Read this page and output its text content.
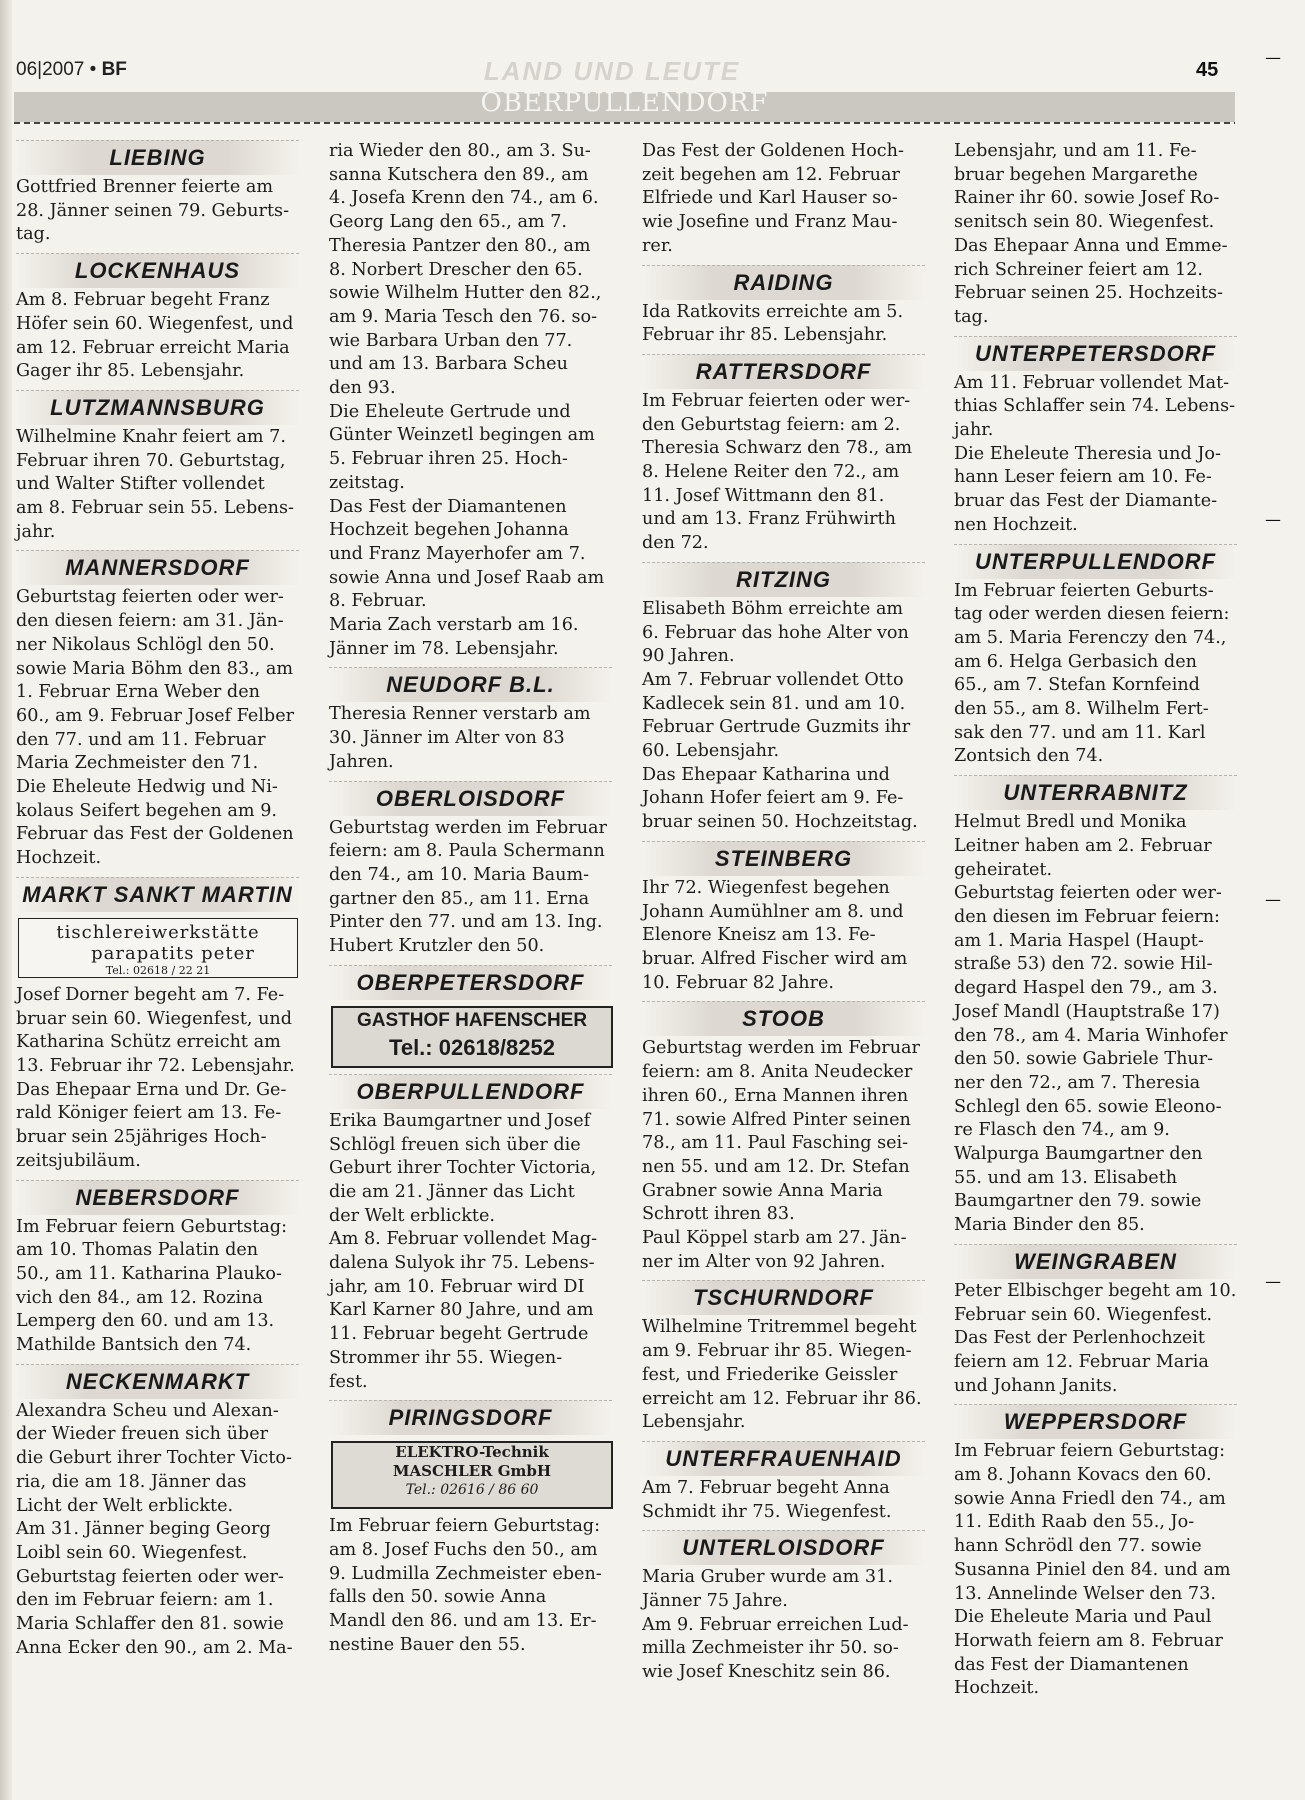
06|2007 • BF	LAND UND LEUTE	45
OBERPULLENDORF
LIEBING
Gottfried Brenner feierte am
28. Jänner seinen 79. Geburts-
tag.
LOCKENHAUS
Am 8. Februar begeht Franz
Höfer sein 60. Wiegenfest, und
am 12. Februar erreicht Maria
Gager ihr 85. Lebensjahr.
LUTZMANNSBURG
Wilhelmine Knahr feiert am 7.
Februar ihren 70. Geburtstag,
und Walter Stifter vollendet
am 8. Februar sein 55. Lebens-
jahr.
MANNERSDORF
Geburtstag feierten oder wer-
den diesen feiern: am 31. Jän-
ner Nikolaus Schlögl den 50.
sowie Maria Böhm den 83., am
1. Februar Erna Weber den
60., am 9. Februar Josef Felber
den 77. und am 11. Februar
Maria Zechmeister den 71.
Die Eheleute Hedwig und Ni-
kolaus Seifert begehen am 9.
Februar das Fest der Goldenen
Hochzeit.
MARKT SANKT MARTIN
tischlereiwerkstätte
parapatits peter
Tel.: 02618 / 22 21
Josef Dorner begeht am 7. Fe-
bruar sein 60. Wiegenfest, und
Katharina Schütz erreicht am
13. Februar ihr 72. Lebensjahr.
Das Ehepaar Erna und Dr. Ge-
rald Königer feiert am 13. Fe-
bruar sein 25jähriges Hoch-
zeitsjubiläum.
NEBERSDORF
Im Februar feiern Geburtstag:
am 10. Thomas Palatin den
50., am 11. Katharina Plauko-
vich den 84., am 12. Rozina
Lemperg den 60. und am 13.
Mathilde Bantsich den 74.
NECKENMARKT
Alexandra Scheu und Alexan-
der Wieder freuen sich über
die Geburt ihrer Tochter Victo-
ria, die am 18. Jänner das
Licht der Welt erblickte.
Am 31. Jänner beging Georg
Loibl sein 60. Wiegenfest.
Geburtstag feierten oder wer-
den im Februar feiern: am 1.
Maria Schlaffer den 81. sowie
Anna Ecker den 90., am 2. Ma-
ria Wieder den 80., am 3. Su-
sanna Kutschera den 89., am
4. Josefa Krenn den 74., am 6.
Georg Lang den 65., am 7.
Theresia Pantzer den 80., am
8. Norbert Drescher den 65.
sowie Wilhelm Hutter den 82.,
am 9. Maria Tesch den 76. so-
wie Barbara Urban den 77.
und am 13. Barbara Scheu
den 93.
Die Eheleute Gertrude und
Günter Weinzetl begingen am
5. Februar ihren 25. Hoch-
zeitstag.
Das Fest der Diamantenen
Hochzeit begehen Johanna
und Franz Mayerhofer am 7.
sowie Anna und Josef Raab am
8. Februar.
Maria Zach verstarb am 16.
Jänner im 78. Lebensjahr.
NEUDORF B.L.
Theresia Renner verstarb am
30. Jänner im Alter von 83
Jahren.
OBERLOISDORF
Geburtstag werden im Februar
feiern: am 8. Paula Schermann
den 74., am 10. Maria Baum-
gartner den 85., am 11. Erna
Pinter den 77. und am 13. Ing.
Hubert Krutzler den 50.
OBERPETERSDORF
GASTHOF HAFENSCHER
Tel.: 02618/8252
OBERPULLENDORF
Erika Baumgartner und Josef
Schlögl freuen sich über die
Geburt ihrer Tochter Victoria,
die am 21. Jänner das Licht
der Welt erblickte.
Am 8. Februar vollendet Mag-
dalena Sulyok ihr 75. Lebens-
jahr, am 10. Februar wird DI
Karl Karner 80 Jahre, und am
11. Februar begeht Gertrude
Strommer ihr 55. Wiegen-
fest.
PIRINGSDORF
ELEKTRO-Technik
MASCHLER GmbH
Tel.: 02616 / 86 60
Im Februar feiern Geburtstag:
am 8. Josef Fuchs den 50., am
9. Ludmilla Zechmeister eben-
falls den 50. sowie Anna
Mandl den 86. und am 13. Er-
nestine Bauer den 55.
Das Fest der Goldenen Hoch-
zeit begehen am 12. Februar
Elfriede und Karl Hauser so-
wie Josefine und Franz Mau-
rer.
RAIDING
Ida Ratkovits erreichte am 5.
Februar ihr 85. Lebensjahr.
RATTERSDORF
Im Februar feierten oder wer-
den Geburtstag feiern: am 2.
Theresia Schwarz den 78., am
8. Helene Reiter den 72., am
11. Josef Wittmann den 81.
und am 13. Franz Frühwirth
den 72.
RITZING
Elisabeth Böhm erreichte am
6. Februar das hohe Alter von
90 Jahren.
Am 7. Februar vollendet Otto
Kadlecek sein 81. und am 10.
Februar Gertrude Guzmits ihr
60. Lebensjahr.
Das Ehepaar Katharina und
Johann Hofer feiert am 9. Fe-
bruar seinen 50. Hochzeitstag.
STEINBERG
Ihr 72. Wiegenfest begehen
Johann Aumühlner am 8. und
Elenore Kneisz am 13. Fe-
bruar. Alfred Fischer wird am
10. Februar 82 Jahre.
STOOB
Geburtstag werden im Februar
feiern: am 8. Anita Neudecker
ihren 60., Erna Mannen ihren
71. sowie Alfred Pinter seinen
78., am 11. Paul Fasching sei-
nen 55. und am 12. Dr. Stefan
Grabner sowie Anna Maria
Schrott ihren 83.
Paul Köppel starb am 27. Jän-
ner im Alter von 92 Jahren.
TSCHURNDORF
Wilhelmine Tritremmel begeht
am 9. Februar ihr 85. Wiegen-
fest, und Friederike Geissler
erreicht am 12. Februar ihr 86.
Lebensjahr.
UNTERFRAUENHAID
Am 7. Februar begeht Anna
Schmidt ihr 75. Wiegenfest.
UNTERLOISDORF
Maria Gruber wurde am 31.
Jänner 75 Jahre.
Am 9. Februar erreichen Lud-
milla Zechmeister ihr 50. so-
wie Josef Kneschitz sein 86.
Lebensjahr, und am 11. Fe-
bruar begehen Margarethe
Rainer ihr 60. sowie Josef Ro-
senitsch sein 80. Wiegenfest.
Das Ehepaar Anna und Emme-
rich Schreiner feiert am 12.
Februar seinen 25. Hochzeits-
tag.
UNTERPETERSDORF
Am 11. Februar vollendet Mat-
thias Schlaffer sein 74. Lebens-
jahr.
Die Eheleute Theresia und Jo-
hann Leser feiern am 10. Fe-
bruar das Fest der Diamante-
nen Hochzeit.
UNTERPULLENDORF
Im Februar feierten Geburts-
tag oder werden diesen feiern:
am 5. Maria Ferenczy den 74.,
am 6. Helga Gerbasich den
65., am 7. Stefan Kornfeind
den 55., am 8. Wilhelm Fert-
sak den 77. und am 11. Karl
Zontsich den 74.
UNTERRABNITZ
Helmut Bredl und Monika
Leitner haben am 2. Februar
geheiratet.
Geburtstag feierten oder wer-
den diesen im Februar feiern:
am 1. Maria Haspel (Haupt-
straße 53) den 72. sowie Hil-
degard Haspel den 79., am 3.
Josef Mandl (Hauptstraße 17)
den 78., am 4. Maria Winhofer
den 50. sowie Gabriele Thur-
ner den 72., am 7. Theresia
Schlegl den 65. sowie Eleono-
re Flasch den 74., am 9.
Walpurga Baumgartner den
55. und am 13. Elisabeth
Baumgartner den 79. sowie
Maria Binder den 85.
WEINGRABEN
Peter Elbischger begeht am 10.
Februar sein 60. Wiegenfest.
Das Fest der Perlenhochzeit
feiern am 12. Februar Maria
und Johann Janits.
WEPPERSDORF
Im Februar feiern Geburtstag:
am 8. Johann Kovacs den 60.
sowie Anna Friedl den 74., am
11. Edith Raab den 55., Jo-
hann Schrödl den 77. sowie
Susanna Piniel den 84. und am
13. Annelinde Welser den 73.
Die Eheleute Maria und Paul
Horwath feiern am 8. Februar
das Fest der Diamantenen
Hochzeit.
—
—
—
—
